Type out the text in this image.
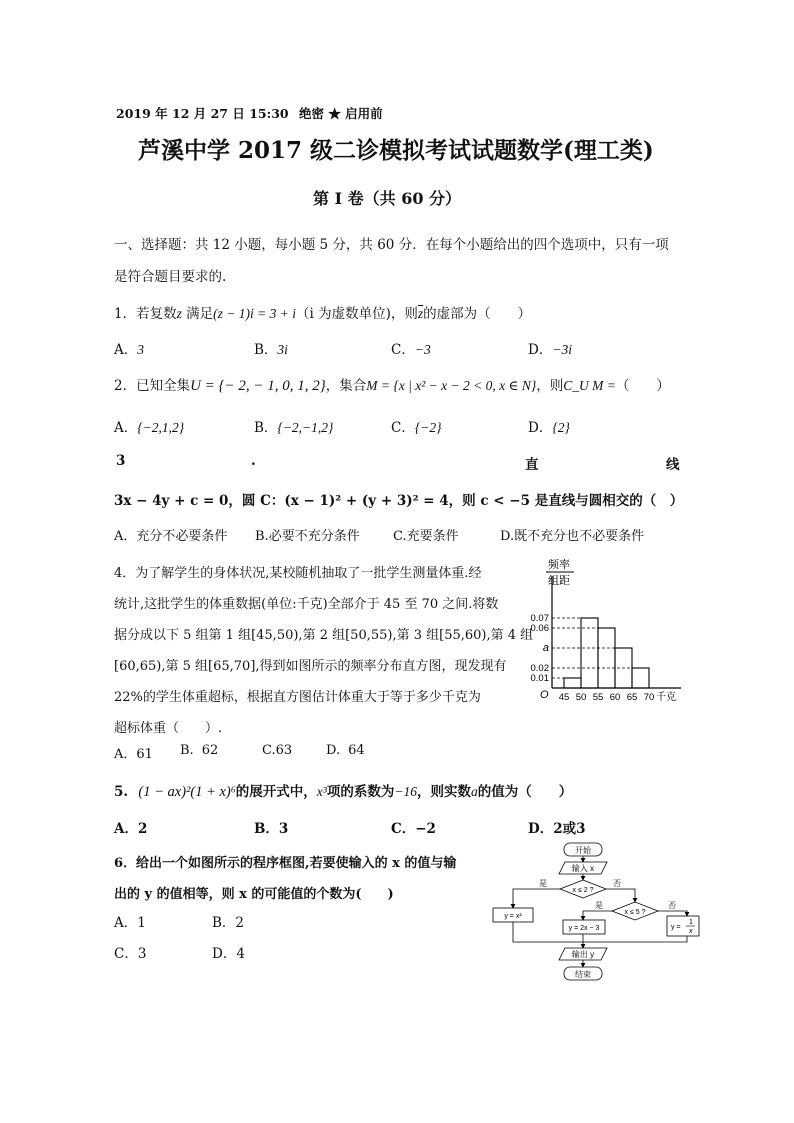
2019 年 12 月 27 日 15:30 绝密 ★ 启用前
芦溪中学 2017 级二诊模拟考试试题数学(理工类)
第 Ⅰ 卷（共 60 分）
一、选择题：共 12 小题，每小题 5 分，共 60 分．在每个小题给出的四个选项中，只有一项
是符合题目要求的.
1．若复数z 满足(z − 1)i = 3 + i（i 为虚数单位)，则$\overline{z}$的虚部为（　　）
A．3	B．3i	C．−3	D．−3i
2．已知全集U = {− 2, − 1, 0, 1, 2}，集合M = {x | x² − x − 2 < 0, x ∈ N}，则C_U M =（　　）
A．{−2,1,2}	B．{−2,−1,2}	C．{−2}	D．{2}
3	.	直	线
3x − 4y + c = 0，圆 C：(x − 1)² + (y + 3)² = 4，则 c < −5 是直线与圆相交的（　）
A．充分不必要条件 B.必要不充分条件	C.充要条件	D.既不充分也不必要条件
4．为了解学生的身体状况,某校随机抽取了一批学生测量体重.经
统计,这批学生的体重数据(单位:千克)全部介于 45 至 70 之间.将数
据分成以下 5 组第 1 组[45,50),第 2 组[50,55),第 3 组[55,60),第 4 组
[60,65),第 5 组[65,70],得到如图所示的频率分布直方图，现发现有
22%的学生体重超标，根据直方图估计体重大于等于多少千克为
超标体重（　　）.
A．61 B. 62	C.63	D. 64
频率
组距
0.07
0.06
a
0.02
0.01
O 45 50 55 60 65 70 千克
5. (1 − ax)²(1 + x)⁶的展开式中，x³项的系数为−16，则实数a的值为（　　）
A．2	B．3	C．−2	D．2或3
6．给出一个如图所示的程序框图,若要使输入的 x 的值与输
出的 y 的值相等，则 x 的可能值的个数为(　　)
A．1	B．2
C．3	D．4
开始
输入 x
x ≤ 2 ?
是	否
x ≤ 5 ?
是	否
y = x²
y = 2x − 3	y =
1
x
输出 y
结束
